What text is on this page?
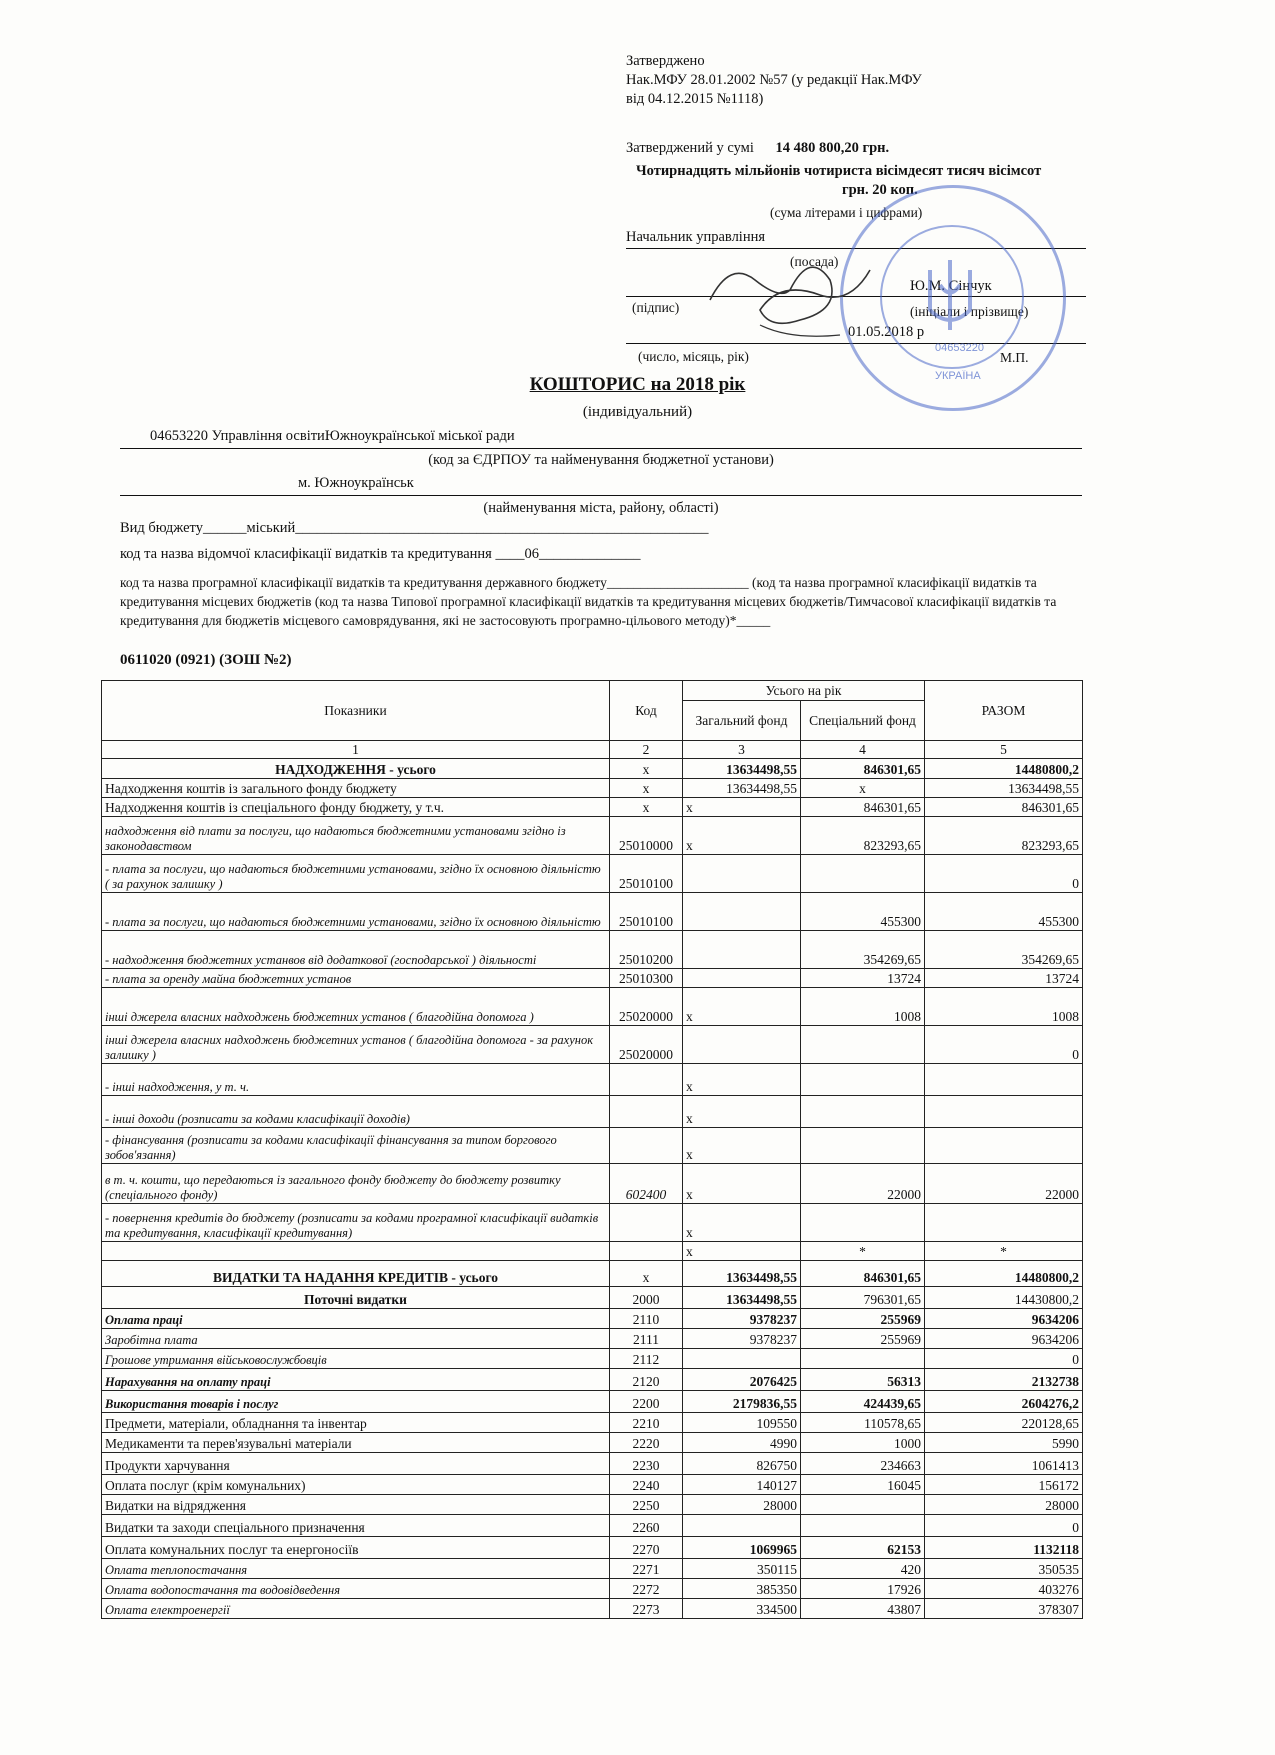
Затверджено
Нак.МФУ 28.01.2002 №57 (у редакції Нак.МФУ
від 04.12.2015 №1118)
Затверджений у сумі 14 480 800,20 грн.
Чотирнадцять мільйонів чотириста вісімдесят тисяч вісімсот
грн. 20 коп.
(сума літерами і цифрами)
Начальник управління
(посада)
Ю.М. Сінчук
(підпис)	(ініціали і прізвище)
01.05.2018 р
(число, місяць, рік)	М.П.
04653220
УКРАЇНА
КОШТОРИС на 2018 рік
(індивідуальний)
04653220 Управління освітиЮжноукраїнської міської ради
(код за ЄДРПОУ та найменування бюджетної установи)
м. Южноукраїнськ
(найменування міста, району, області)
Вид бюджету______міський_________________________________________________________
код та назва відомчої класифікації видатків та кредитування ____06______________
код та назва програмної класифікації видатків та кредитування державного бюджету_____________________ (код та назва програмної класифікації видатків та кредитування місцевих бюджетів (код та назва Типової програмної класифікації видатків та кредитування місцевих бюджетів/Тимчасової класифікації видатків та кредитування для бюджетів місцевого самоврядування, які не застосовують програмно-цільового методу)*_____
0611020 (0921) (ЗОШ №2)
Показники	Код	Усього на рік		РАЗОМ
		Загальний фонд	Спеціальний фонд	
1	2	3	4	5
НАДХОДЖЕННЯ - усього	х	13634498,55	846301,65	14480800,2
Надходження коштів із загального фонду бюджету	х	13634498,55	х	13634498,55
Надходження коштів із спеціального фонду бюджету, у т.ч.	х	х	846301,65	846301,65
надходження від плати за послуги, що надаються бюджетними установами згідно із законодавством	25010000	х	823293,65	823293,65
- плата за послуги, що надаються бюджетними установами, згідно їх основною діяльністю ( за рахунок залишку )	25010100			0
- плата за послуги, що надаються бюджетними установами, згідно їх основною діяльністю	25010100		455300	455300
- надходження бюджетних устанвов від додаткової (господарської ) діяльності	25010200		354269,65	354269,65
- плата за оренду майна бюджетних установ	25010300		13724	13724
інші джерела власних надходжень бюджетних установ ( благодійна допомога )	25020000	х	1008	1008
інші джерела власних надходжень бюджетних установ ( благодійна допомога - за рахунок залишку )	25020000			0
- інші надходження, у т. ч.		х		
- інші доходи (розписати за кодами класифікації доходів)		х		
- фінансування (розписати за кодами класифікації фінансування за типом боргового зобов'язання)		х		
в т. ч. кошти, що передаються із загального фонду бюджету до бюджету розвитку (спеціального фонду)	602400	х	22000	22000
- повернення кредитів до бюджету (розписати за кодами програмної класифікації видатків та кредитування, класифікації кредитування)		х		
		х	*	*
ВИДАТКИ ТА НАДАННЯ КРЕДИТІВ - усього	х	13634498,55	846301,65	14480800,2
Поточні видатки	2000	13634498,55	796301,65	14430800,2
Оплата праці	2110	9378237	255969	9634206
Заробітна плата	2111	9378237	255969	9634206
Грошове утримання військовослужбовців	2112			0
Нарахування на оплату праці	2120	2076425	56313	2132738
Використання товарів і послуг	2200	2179836,55	424439,65	2604276,2
Предмети, матеріали, обладнання та інвентар	2210	109550	110578,65	220128,65
Медикаменти та перев'язувальні матеріали	2220	4990	1000	5990
Продукти харчування	2230	826750	234663	1061413
Оплата послуг (крім комунальних)	2240	140127	16045	156172
Видатки на відрядження	2250	28000		28000
Видатки та заходи спеціального призначення	2260			0
Оплата комунальних послуг та енергоносіїв	2270	1069965	62153	1132118
Оплата теплопостачання	2271	350115	420	350535
Оплата водопостачання та водовідведення	2272	385350	17926	403276
Оплата електроенергії	2273	334500	43807	378307
